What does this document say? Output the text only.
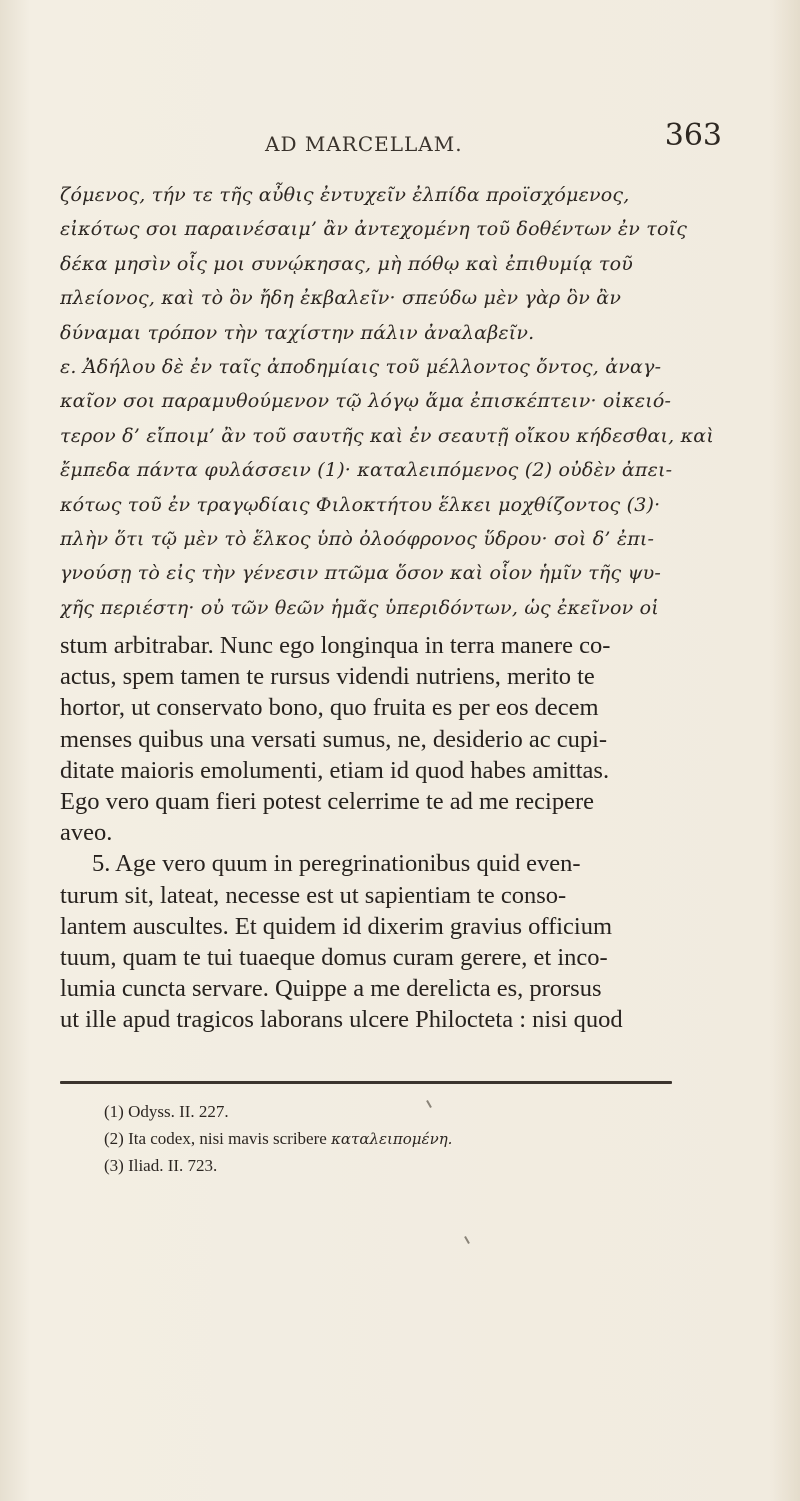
AD MARCELLAM.	363
ζόμενος, τήν τε τῆς αὖθις ἐντυχεῖν ἐλπίδα προϊσχόμενος,
εἰκότως σοι παραινέσαιμ’ ἂν ἀντεχομένη τοῦ δοθέντων ἐν τοῖς
δέκα μησὶν οἷς μοι συνῴκησας, μὴ πόθῳ καὶ ἐπιθυμίᾳ τοῦ
πλείονος, καὶ τὸ ὂν ἤδη ἐκβαλεῖν· σπεύδω μὲν γὰρ ὃν ἂν
δύναμαι τρόπον τὴν ταχίστην πάλιν ἀναλαβεῖν.
ε. Ἀδήλου δὲ ἐν ταῖς ἀποδημίαις τοῦ μέλλοντος ὄντος, ἀναγ-
καῖον σοι παραμυθούμενον τῷ λόγῳ ἅμα ἐπισκέπτειν· οἰκειό-
τερον δ’ εἴποιμ’ ἂν τοῦ σαυτῆς καὶ ἐν σεαυτῇ οἴκου κήδεσθαι, καὶ
ἔμπεδα πάντα φυλάσσειν (1)· καταλειπόμενος (2) οὐδὲν ἀπει-
κότως τοῦ ἐν τραγῳδίαις Φιλοκτήτου ἕλκει μοχθίζοντος (3)·
πλὴν ὅτι τῷ μὲν τὸ ἕλκος ὑπὸ ὀλοόφρονος ὕδρου· σοὶ δ’ ἐπι-
γνούσῃ τὸ εἰς τὴν γένεσιν πτῶμα ὅσον καὶ οἷον ἡμῖν τῆς ψυ-
χῆς περιέστη· οὐ τῶν θεῶν ἡμᾶς ὑπεριδόντων, ὡς ἐκεῖνον οἱ
stum arbitrabar. Nunc ego longinqua in terra manere co-
actus, spem tamen te rursus videndi nutriens, merito te
hortor, ut conservato bono, quo fruita es per eos decem
menses quibus una versati sumus, ne, desiderio ac cupi-
ditate maioris emolumenti, etiam id quod habes amittas.
Ego vero quam fieri potest celerrime te ad me recipere
aveo.
5. Age vero quum in peregrinationibus quid even-
turum sit, lateat, necesse est ut sapientiam te conso-
lantem auscultes. Et quidem id dixerim gravius officium
tuum, quam te tui tuaeque domus curam gerere, et inco-
lumia cuncta servare. Quippe a me derelicta es, prorsus
ut ille apud tragicos laborans ulcere Philocteta : nisi quod
(1) Odyss. II. 227.
(2) Ita codex, nisi mavis scribere καταλειπομένη.
(3) Iliad. II. 723.
